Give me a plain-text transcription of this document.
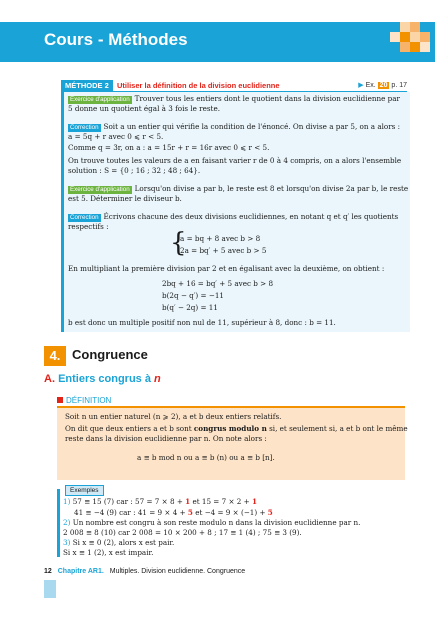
Cours - Méthodes
MÉTHODE 2	Utiliser la définition de la division euclidienne	▶ Ex. 20 p. 17
Exercice d'application Trouver tous les entiers dont le quotient dans la division euclidienne par
5 donne un quotient égal à 3 fois le reste.
Correction Soit a un entier qui vérifie la condition de l'énoncé. On divise a par 5, on a alors :
a = 5q + r avec 0 ⩽ r < 5.
Comme q = 3r, on a : a = 15r + r = 16r avec 0 ⩽ r < 5.
On trouve toutes les valeurs de a en faisant varier r de 0 à 4 compris, on a alors l'ensemble
solution : S = {0 ; 16 ; 32 ; 48 ; 64}.
Exercice d'application Lorsqu'on divise a par b, le reste est 8 et lorsqu'on divise 2a par b, le reste
est 5. Déterminer le diviseur b.
Correction Écrivons chacune des deux divisions euclidiennes, en notant q et q′ les quotients
respectifs :
{
a = bq + 8 avec b > 8
2a = bq′ + 5 avec b > 5
En multipliant la première division par 2 et en égalisant avec la deuxième, on obtient :
2bq + 16 = bq′ + 5 avec b > 8
b(2q − q′) = −11
b(q′ − 2q) = 11
b est donc un multiple positif non nul de 11, supérieur à 8, donc : b = 11.
4. Congruence
A. Entiers congrus à n
DÉFINITION
Soit n un entier naturel (n ⩾ 2), a et b deux entiers relatifs.
On dit que deux entiers a et b sont congrus modulo n si, et seulement si, a et b ont le même
reste dans la division euclidienne par n. On note alors :
a ≡ b mod n ou a ≡ b (n) ou a ≡ b [n].
Exemples
1) 57 ≡ 15 (7) car : 57 = 7 × 8 + 1 et 15 = 7 × 2 + 1
41 ≡ −4 (9) car : 41 = 9 × 4 + 5 et −4 = 9 × (−1) + 5
2) Un nombre est congru à son reste modulo n dans la division euclidienne par n.
2 008 ≡ 8 (10) car 2 008 = 10 × 200 + 8 ; 17 ≡ 1 (4) ; 75 ≡ 3 (9).
3) Si x ≡ 0 (2), alors x est pair.
Si x ≡ 1 (2), x est impair.
12 Chapitre AR1. Multiples. Division euclidienne. Congruence
